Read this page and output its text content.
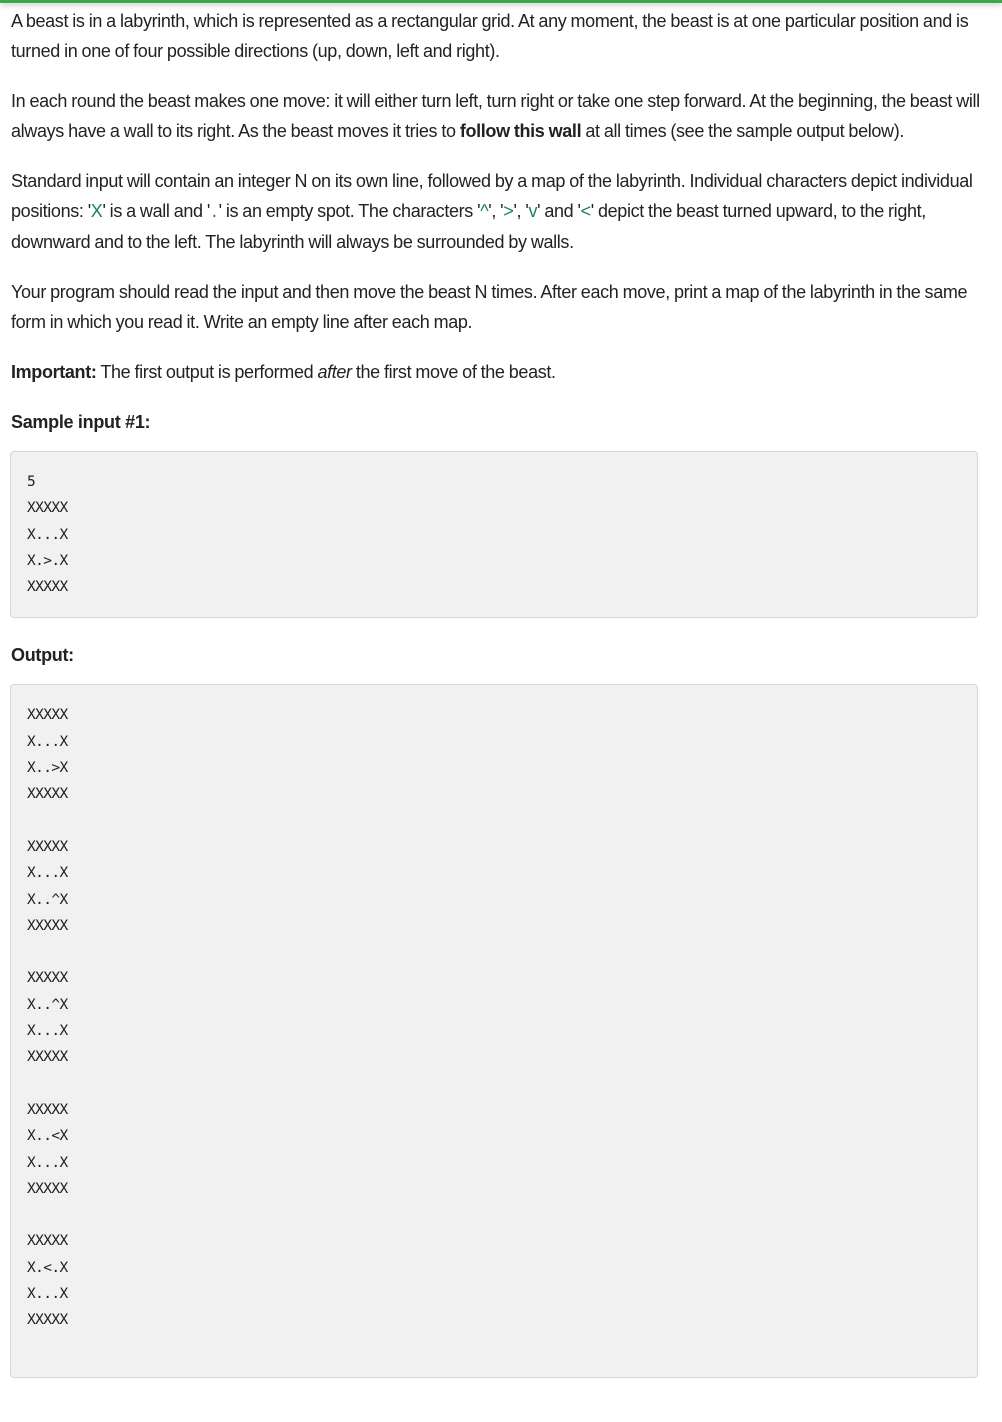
A beast is in a labyrinth, which is represented as a rectangular grid. At any moment, the beast is at one particular position and is turned in one of four possible directions (up, down, left and right).

In each round the beast makes one move: it will either turn left, turn right or take one step forward. At the beginning, the beast will always have a wall to its right. As the beast moves it tries to follow this wall at all times (see the sample output below).

Standard input will contain an integer N on its own line, followed by a map of the labyrinth. Individual characters depict individual positions: 'X' is a wall and '.' is an empty spot. The characters '^', '>', 'v' and '<' depict the beast turned upward, to the right, downward and to the left. The labyrinth will always be surrounded by walls.

Your program should read the input and then move the beast N times. After each move, print a map of the labyrinth in the same form in which you read it. Write an empty line after each map.

Important: The first output is performed after the first move of the beast.

Sample input #1:
5
XXXXX
X...X
X.>.X
XXXXX
Output:
XXXXX
X...X
X..>X
XXXXX
XXXXX
X...X
X..^X
XXXXX
XXXXX
X..^X
X...X
XXXXX
XXXXX
X..<X
X...X
XXXXX
XXXXX
X.<.X
X...X
XXXXX
